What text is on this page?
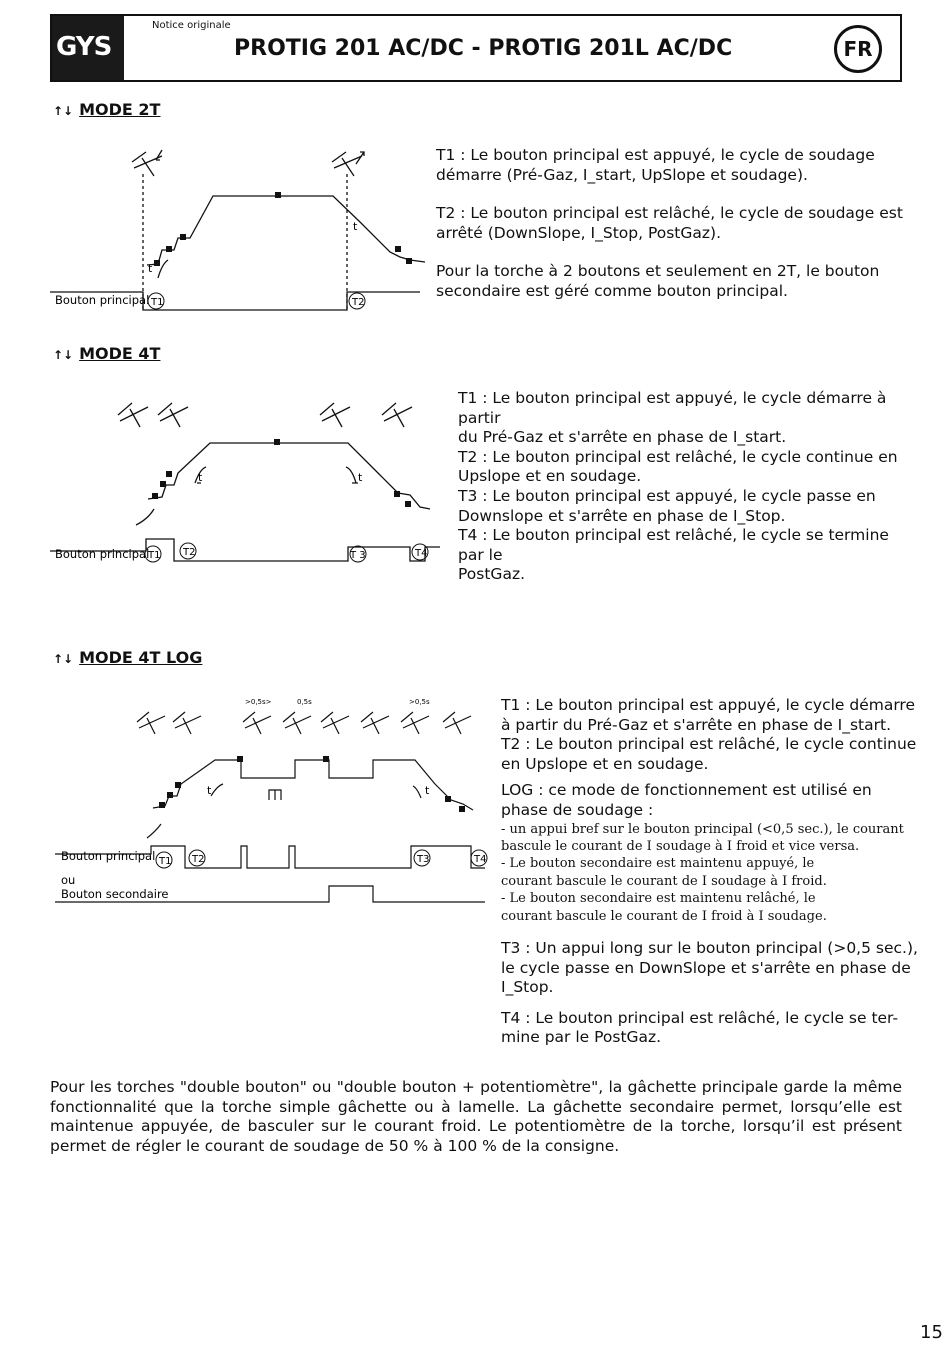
GYS
Notice originale
PROTIG 201 AC/DC - PROTIG 201L AC/DC	FR
↑↓ MODE 2T
t
t
Bouton principal T1	T2

T1 : Le bouton principal est appuyé, le cycle de soudage démarre (Pré-Gaz, I_start, UpSlope et soudage).

T2 : Le bouton principal est relâché, le cycle de soudage est arrêté (DownSlope, I_Stop, PostGaz).

Pour la torche à 2 boutons et seulement en 2T, le bouton secondaire est géré comme bouton principal.

↑↓ MODE 4T
t	t
Bouton principal
T1 T2	T 3	T4

T1 : Le bouton principal est appuyé, le cycle démarre à partir

du Pré-Gaz et s'arrête en phase de I_start.

T2 : Le bouton principal est relâché, le cycle continue en

Upslope et en soudage.

T3 : Le bouton principal est appuyé, le cycle passe en

Downslope et s'arrête en phase de I_Stop.

T4 : Le bouton principal est relâché, le cycle se termine par le

PostGaz.

↑↓ MODE 4T LOG
>0,5s>	0,5s	>0,5s
t	t
Bouton principal
ou
Bouton secondaire
T1 T2	T3	T4

T1 : Le bouton principal est appuyé, le cycle démarre

à partir du Pré-Gaz et s'arrête en phase de I_start.

T2 : Le bouton principal est relâché, le cycle continue

en Upslope et en soudage.

LOG : ce mode de fonctionnement est utilisé en

phase de soudage :

- un appui bref sur le bouton principal (<0,5 sec.), le courant

bascule le courant de I soudage à I froid et vice versa.

- Le bouton secondaire est maintenu appuyé, le

courant bascule le courant de I soudage à I froid.

- Le bouton secondaire est maintenu relâché, le

courant bascule le courant de I froid à I soudage.

T3 : Un appui long sur le bouton principal (>0,5 sec.),

le cycle passe en DownSlope et s'arrête en phase de

I_Stop.

T4 : Le bouton principal est relâché, le cycle se ter-

mine par le PostGaz.

Pour les torches "double bouton" ou "double bouton + potentiomètre", la gâchette principale garde la même fonctionnalité que la torche simple gâchette ou à lamelle. La gâchette secondaire permet, lorsqu’elle est maintenue appuyée, de basculer sur le courant froid. Le potentiomètre de la torche, lorsqu’il est présent permet de régler le courant de soudage de 50 % à 100 % de la consigne.

15
